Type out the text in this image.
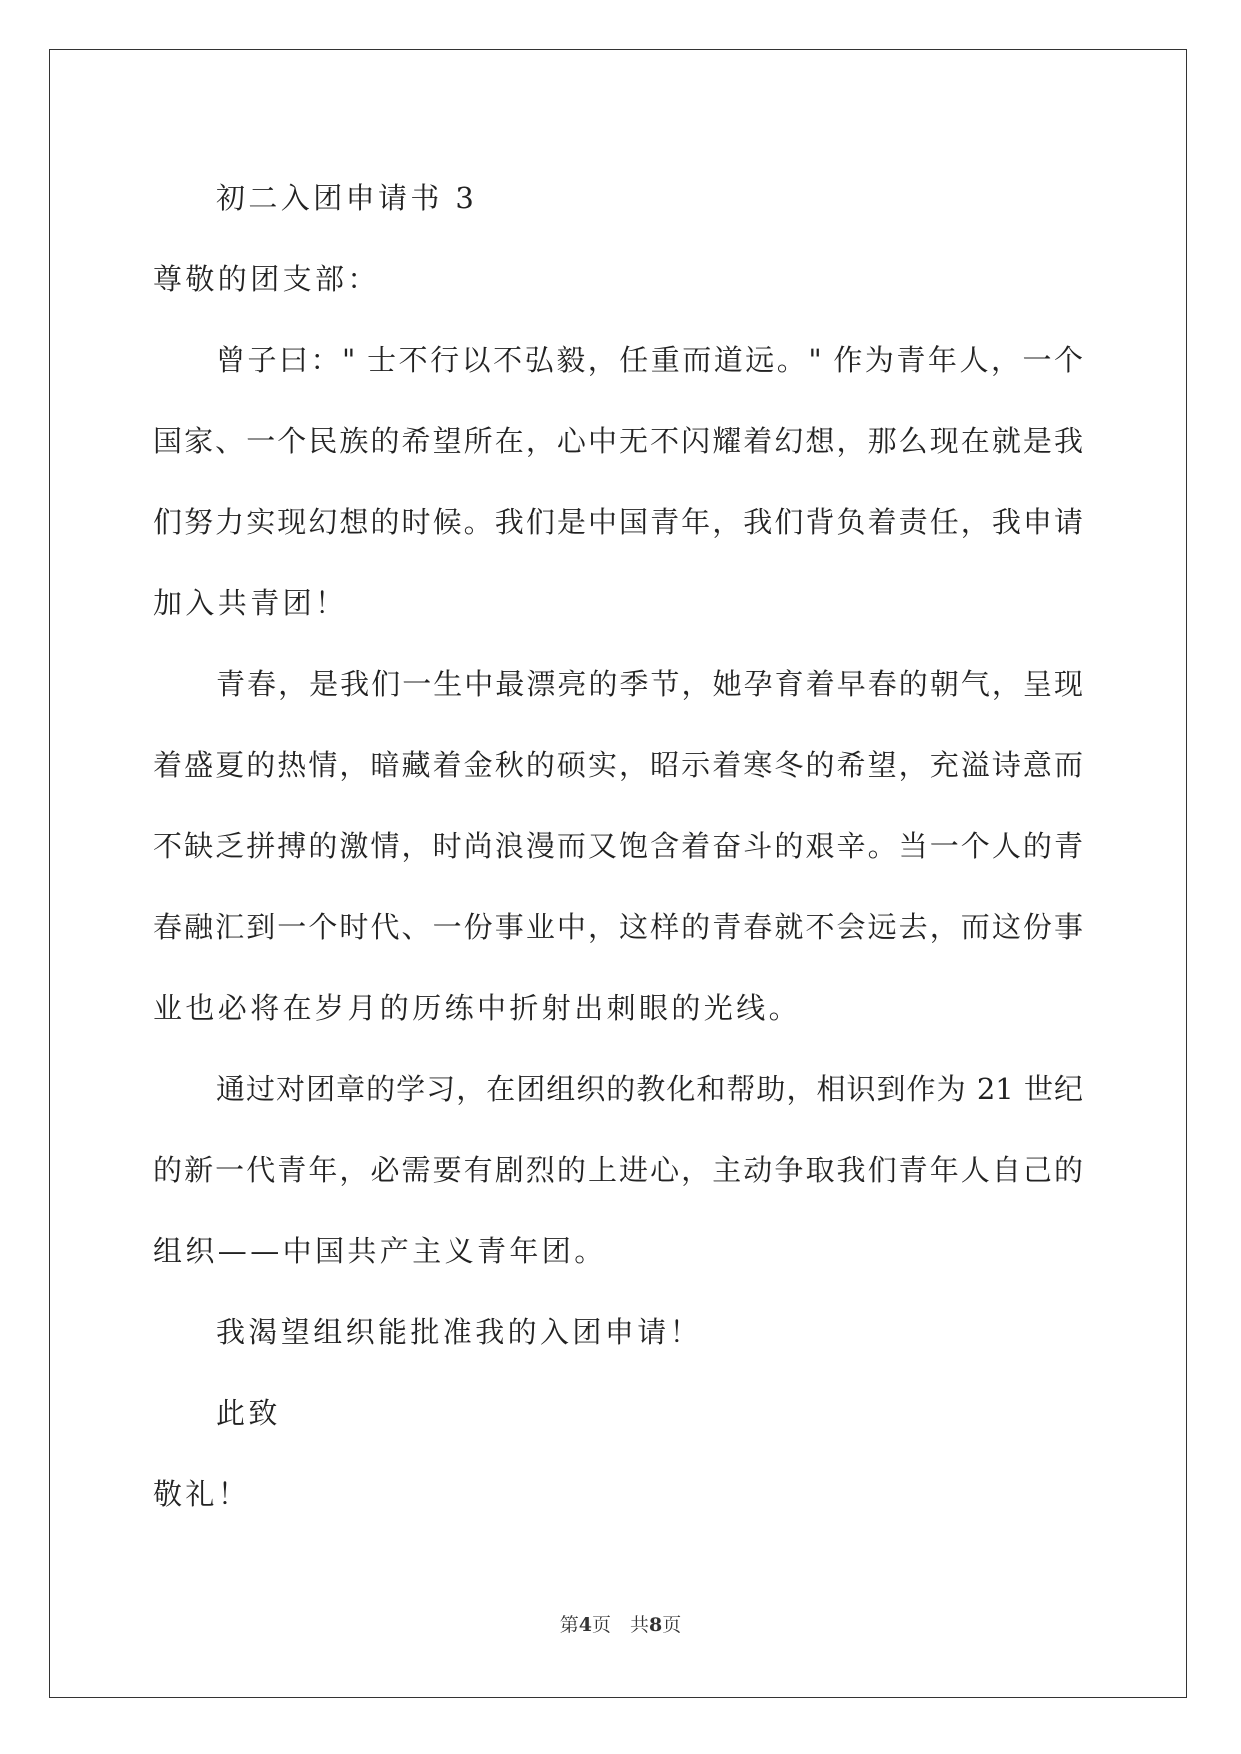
初二入团申请书 3
尊敬的团支部：
曾子曰：" 士不行以不弘毅，任重而道远。" 作为青年人，一个
国家、一个民族的希望所在，心中无不闪耀着幻想，那么现在就是我
们努力实现幻想的时候。我们是中国青年，我们背负着责任，我申请
加入共青团！
青春，是我们一生中最漂亮的季节，她孕育着早春的朝气，呈现
着盛夏的热情，暗藏着金秋的硕实，昭示着寒冬的希望，充溢诗意而
不缺乏拼搏的激情，时尚浪漫而又饱含着奋斗的艰辛。当一个人的青
春融汇到一个时代、一份事业中，这样的青春就不会远去，而这份事
业也必将在岁月的历练中折射出刺眼的光线。
通过对团章的学习，在团组织的教化和帮助，相识到作为 21 世纪
的新一代青年，必需要有剧烈的上进心，主动争取我们青年人自己的
组织——中国共产主义青年团。
我渴望组织能批准我的入团申请！
此致
敬礼！
第4页　共8页
